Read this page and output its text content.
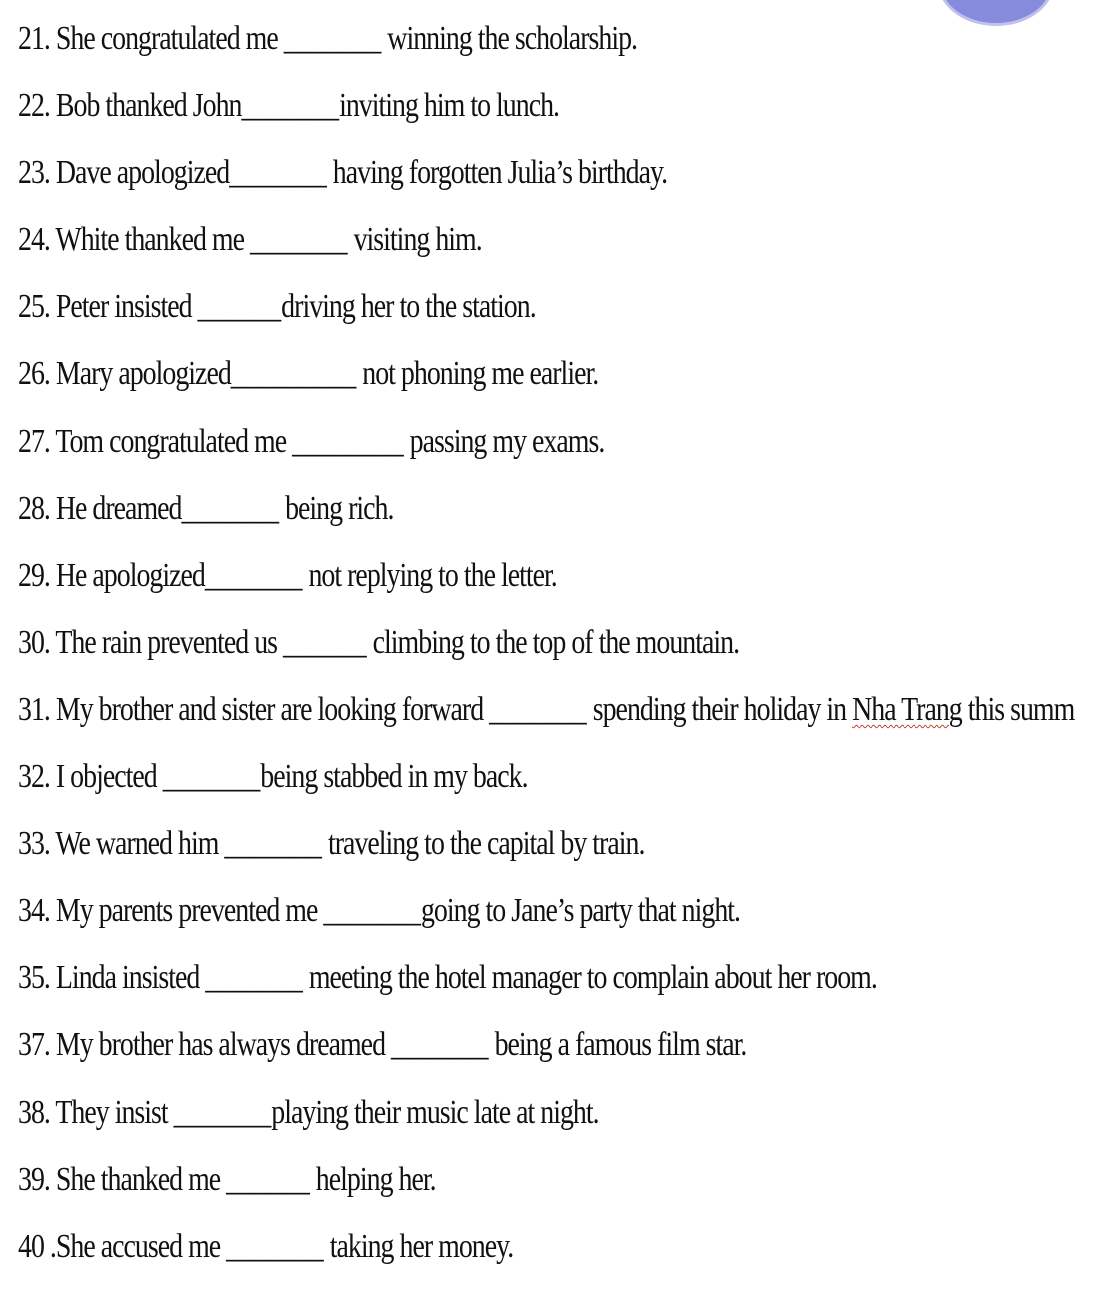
21. She congratulated me _______ winning the scholarship.
22. Bob thanked John_______inviting him to lunch.
23. Dave apologized_______ having forgotten Julia’s birthday.
24. White thanked me _______ visiting him.
25. Peter insisted ______driving her to the station.
26. Mary apologized_________ not phoning me earlier.
27. Tom congratulated me ________ passing my exams.
28. He dreamed_______ being rich.
29. He apologized_______ not replying to the letter.
30. The rain prevented us ______ climbing to the top of the mountain.
31. My brother and sister are looking forward _______ spending their holiday in Nha Trang this summ
32. I objected _______being stabbed in my back.
33. We warned him _______ traveling to the capital by train.
34. My parents prevented me _______going to Jane’s party that night.
35. Linda insisted _______ meeting the hotel manager to complain about her room.
37. My brother has always dreamed _______ being a famous film star.
38. They insist _______playing their music late at night.
39. She thanked me ______ helping her.
40 .She accused me _______ taking her money.
